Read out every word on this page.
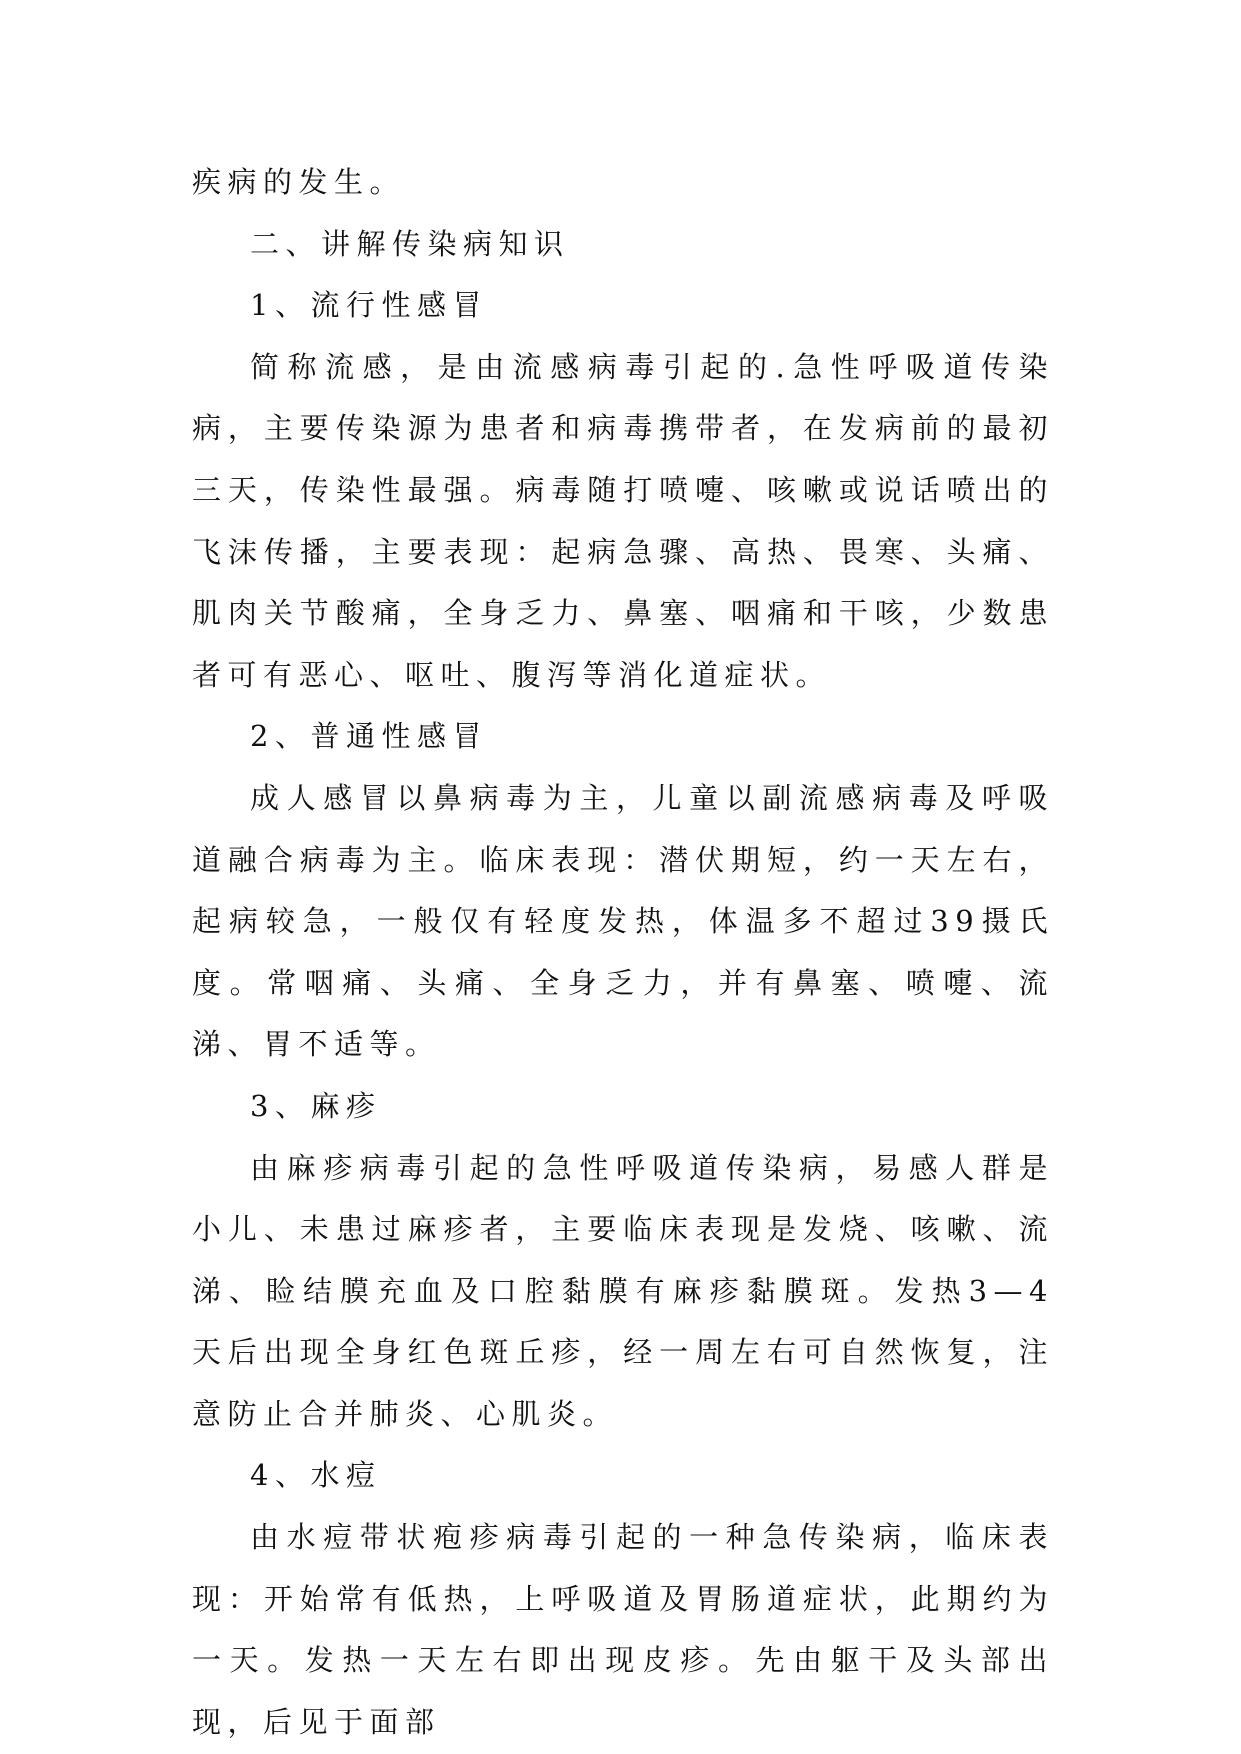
疾病的发生。

二、讲解传染病知识

1、流行性感冒

简称流感，是由流感病毒引起的.急性呼吸道传染病，主要传染源为患者和病毒携带者，在发病前的最初三天，传染性最强。病毒随打喷嚏、咳嗽或说话喷出的飞沫传播，主要表现：起病急骤、高热、畏寒、头痛、肌肉关节酸痛，全身乏力、鼻塞、咽痛和干咳，少数患者可有恶心、呕吐、腹泻等消化道症状。

2、普通性感冒

成人感冒以鼻病毒为主，儿童以副流感病毒及呼吸道融合病毒为主。临床表现：潜伏期短，约一天左右，起病较急，一般仅有轻度发热，体温多不超过39摄氏度。常咽痛、头痛、全身乏力，并有鼻塞、喷嚏、流涕、胃不适等。

3、麻疹

由麻疹病毒引起的急性呼吸道传染病，易感人群是小儿、未患过麻疹者，主要临床表现是发烧、咳嗽、流涕、睑结膜充血及口腔黏膜有麻疹黏膜斑。发热3—4天后出现全身红色斑丘疹，经一周左右可自然恢复，注意防止合并肺炎、心肌炎。

4、水痘

由水痘带状疱疹病毒引起的一种急传染病，临床表现：开始常有低热，上呼吸道及胃肠道症状，此期约为一天。发热一天左右即出现皮疹。先由躯干及头部出现，后见于面部
